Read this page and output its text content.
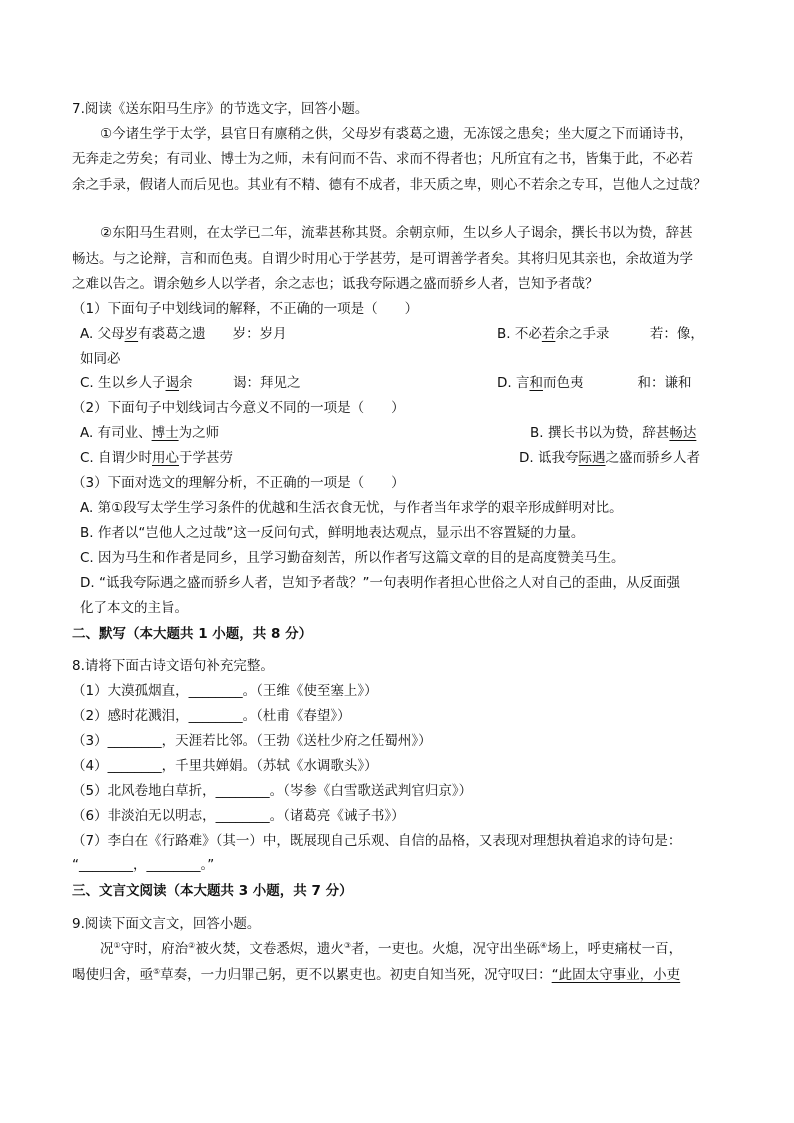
7.阅读《送东阳马生序》的节选文字，回答小题。
①今诸生学于太学，县官日有廪稍之供，父母岁有裘葛之遗，无冻馁之患矣；坐大厦之下而诵诗书，
无奔走之劳矣；有司业、博士为之师，未有问而不告、求而不得者也；凡所宜有之书，皆集于此，不必若
余之手录，假诸人而后见也。其业有不精、德有不成者，非天质之卑，则心不若余之专耳，岂他人之过哉？
②东阳马生君则，在太学已二年，流辈甚称其贤。余朝京师，生以乡人子谒余，撰长书以为贽，辞甚
畅达。与之论辩，言和而色夷。自谓少时用心于学甚劳，是可谓善学者矣。其将归见其亲也，余故道为学
之难以告之。谓余勉乡人以学者，余之志也；诋我夸际遇之盛而骄乡人者，岂知予者哉？
（1）下面句子中划线词的解释，不正确的一项是（　　）
A. 父母岁有裘葛之遗　　岁：岁月	B. 不必若余之手录　　　若：像，
如同必
C. 生以乡人子谒余　　　谒：拜见之	D. 言和而色夷　　　　和：谦和
（2）下面句子中划线词古今意义不同的一项是（　　）
A. 有司业、博士为之师	B. 撰长书以为贽，辞甚畅达
C. 自谓少时用心于学甚劳	D. 诋我夸际遇之盛而骄乡人者
（3）下面对选文的理解分析，不正确的一项是（　　）
A. 第①段写太学生学习条件的优越和生活衣食无忧，与作者当年求学的艰辛形成鲜明对比。
B. 作者以“岂他人之过哉”这一反问句式，鲜明地表达观点，显示出不容置疑的力量。
C. 因为马生和作者是同乡，且学习勤奋刻苦，所以作者写这篇文章的目的是高度赞美马生。
D. “诋我夸际遇之盛而骄乡人者，岂知予者哉？”一句表明作者担心世俗之人对自己的歪曲，从反面强
化了本文的主旨。
二、默写（本大题共 1 小题，共 8 分）
8.请将下面古诗文语句补充完整。
（1）大漠孤烟直，________。（王维《使至塞上》）
（2）感时花溅泪，________。（杜甫《春望》）
（3）________，天涯若比邻。（王勃《送杜少府之任蜀州》）
（4）________，千里共婵娟。（苏轼《水调歌头》）
（5）北风卷地白草折，________。（岑参《白雪歌送武判官归京》）
（6）非淡泊无以明志，________。（诸葛亮《诫子书》）
（7）李白在《行路难》（其一）中，既展现自己乐观、自信的品格，又表现对理想执着追求的诗句是：
“________，________。”
三、文言文阅读（本大题共 3 小题，共 7 分）
9.阅读下面文言文，回答小题。
况①守时，府治②被火焚，文卷悉烬，遗火③者，一吏也。火熄，况守出坐砾④场上，呼吏痛杖一百，
喝使归舍，亟⑤草奏，一力归罪己躬，更不以累吏也。初吏自知当死，况守叹曰：“此固太守事业，小吏
